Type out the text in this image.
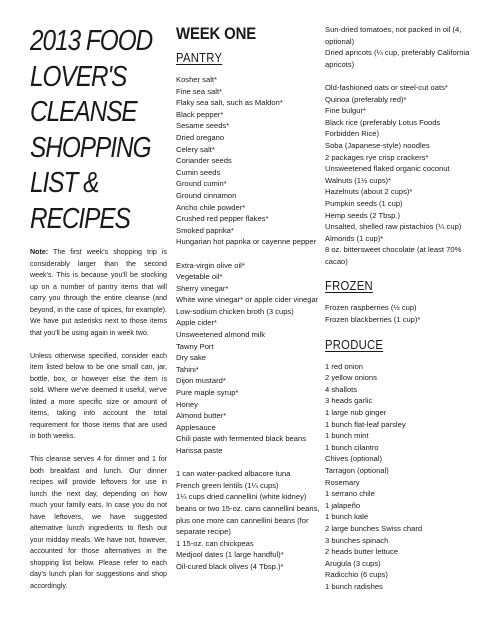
2013 FOOD
LOVER'S
CLEANSE
SHOPPING
LIST &
RECIPES

Note: The first week's shopping trip is considerably larger than the second week's. This is because you'll be stocking up on a number of pantry items that will carry you through the entire cleanse (and beyond, in the case of spices, for example). We have put asterisks next to those items that you'll be using again in week two.

Unless otherwise specified, consider each item listed below to be one small can, jar, bottle, box, or however else the item is sold. Where we've deemed it useful, we've listed a more specific size or amount of items, taking into account the total requirement for those items that are used in both weeks.

This cleanse serves 4 for dinner and 1 for both breakfast and lunch. Our dinner recipes will provide leftovers for use in lunch the next day, depending on how much your family eats. In case you do not have leftovers, we have suggested alternative lunch ingredients to flesh out your midday meals. We have not, however, accounted for those alternatives in the shopping list below. Please refer to each day's lunch plan for suggestions and shop accordingly.

WEEK ONE
PANTRY
Kosher salt*
Fine sea salt*
Flaky sea salt, such as Maldon*
Black pepper*
Sesame seeds*
Dried oregano
Celery salt*
Coriander seeds
Cumin seeds
Ground cumin*
Ground cinnamon
Ancho chile powder*
Crushed red pepper flakes*
Smoked paprika*
Hungarian hot paprika or cayenne pepper
Extra-virgin olive oil*
Vegetable oil*
Sherry vinegar*
White wine vinegar* or apple cider vinegar
Low-sodium chicken broth (3 cups)
Apple cider*
Unsweetened almond milk
Tawny Port
Dry sake
Tahini*
Dijon mustard*
Pure maple syrup*
Honey
Almond butter*
Applesauce
Chili paste with fermented black beans
Harissa paste
1 can water-packed albacore tuna
French green lentils (1¼ cups)
1¼ cups dried cannellini (white kidney) beans or two 15-oz. cans cannellini beans, plus one more can cannellini beans (for separate recipe)
1 15-oz. can chickpeas
Medjool dates (1 large handful)*
Oil-cured black olives (4 Tbsp.)*
Sun-dried tomatoes, not packed in oil (4, optional)
Dried apricots (¼ cup, preferably California apricots)
Old-fashioned oats or steel-cut oats*
Quinoa (preferably red)*
Fine bulgur*
Black rice (preferably Lotus Foods Forbidden Rice)
Soba (Japanese-style) noodles
2 packages rye crisp crackers*
Unsweetened flaked organic coconut
Walnuts (1½ cups)*
Hazelnuts (about 2 cups)*
Pumpkin seeds (1 cup)
Hemp seeds (2 Tbsp.)
Unsalted, shelled raw pistachios (¼ cup)
Almonds (1 cup)*
8 oz. bittersweet chocolate (at least 70% cacao)
FROZEN
Frozen raspberries (½ cup)
Frozen blackberries (1 cup)*
PRODUCE
1 red onion
2 yellow onions
4 shallots
3 heads garlic
1 large nub ginger
1 bunch flat-leaf parsley
1 bunch mint
1 bunch cilantro
Chives (optional)
Tarragon (optional)
Rosemary
1 serrano chile
1 jalapeño
1 bunch kale
2 large bunches Swiss chard
3 bunches spinach
2 heads butter lettuce
Arugula (3 cups)
Radicchio (6 cups)
1 bunch radishes
